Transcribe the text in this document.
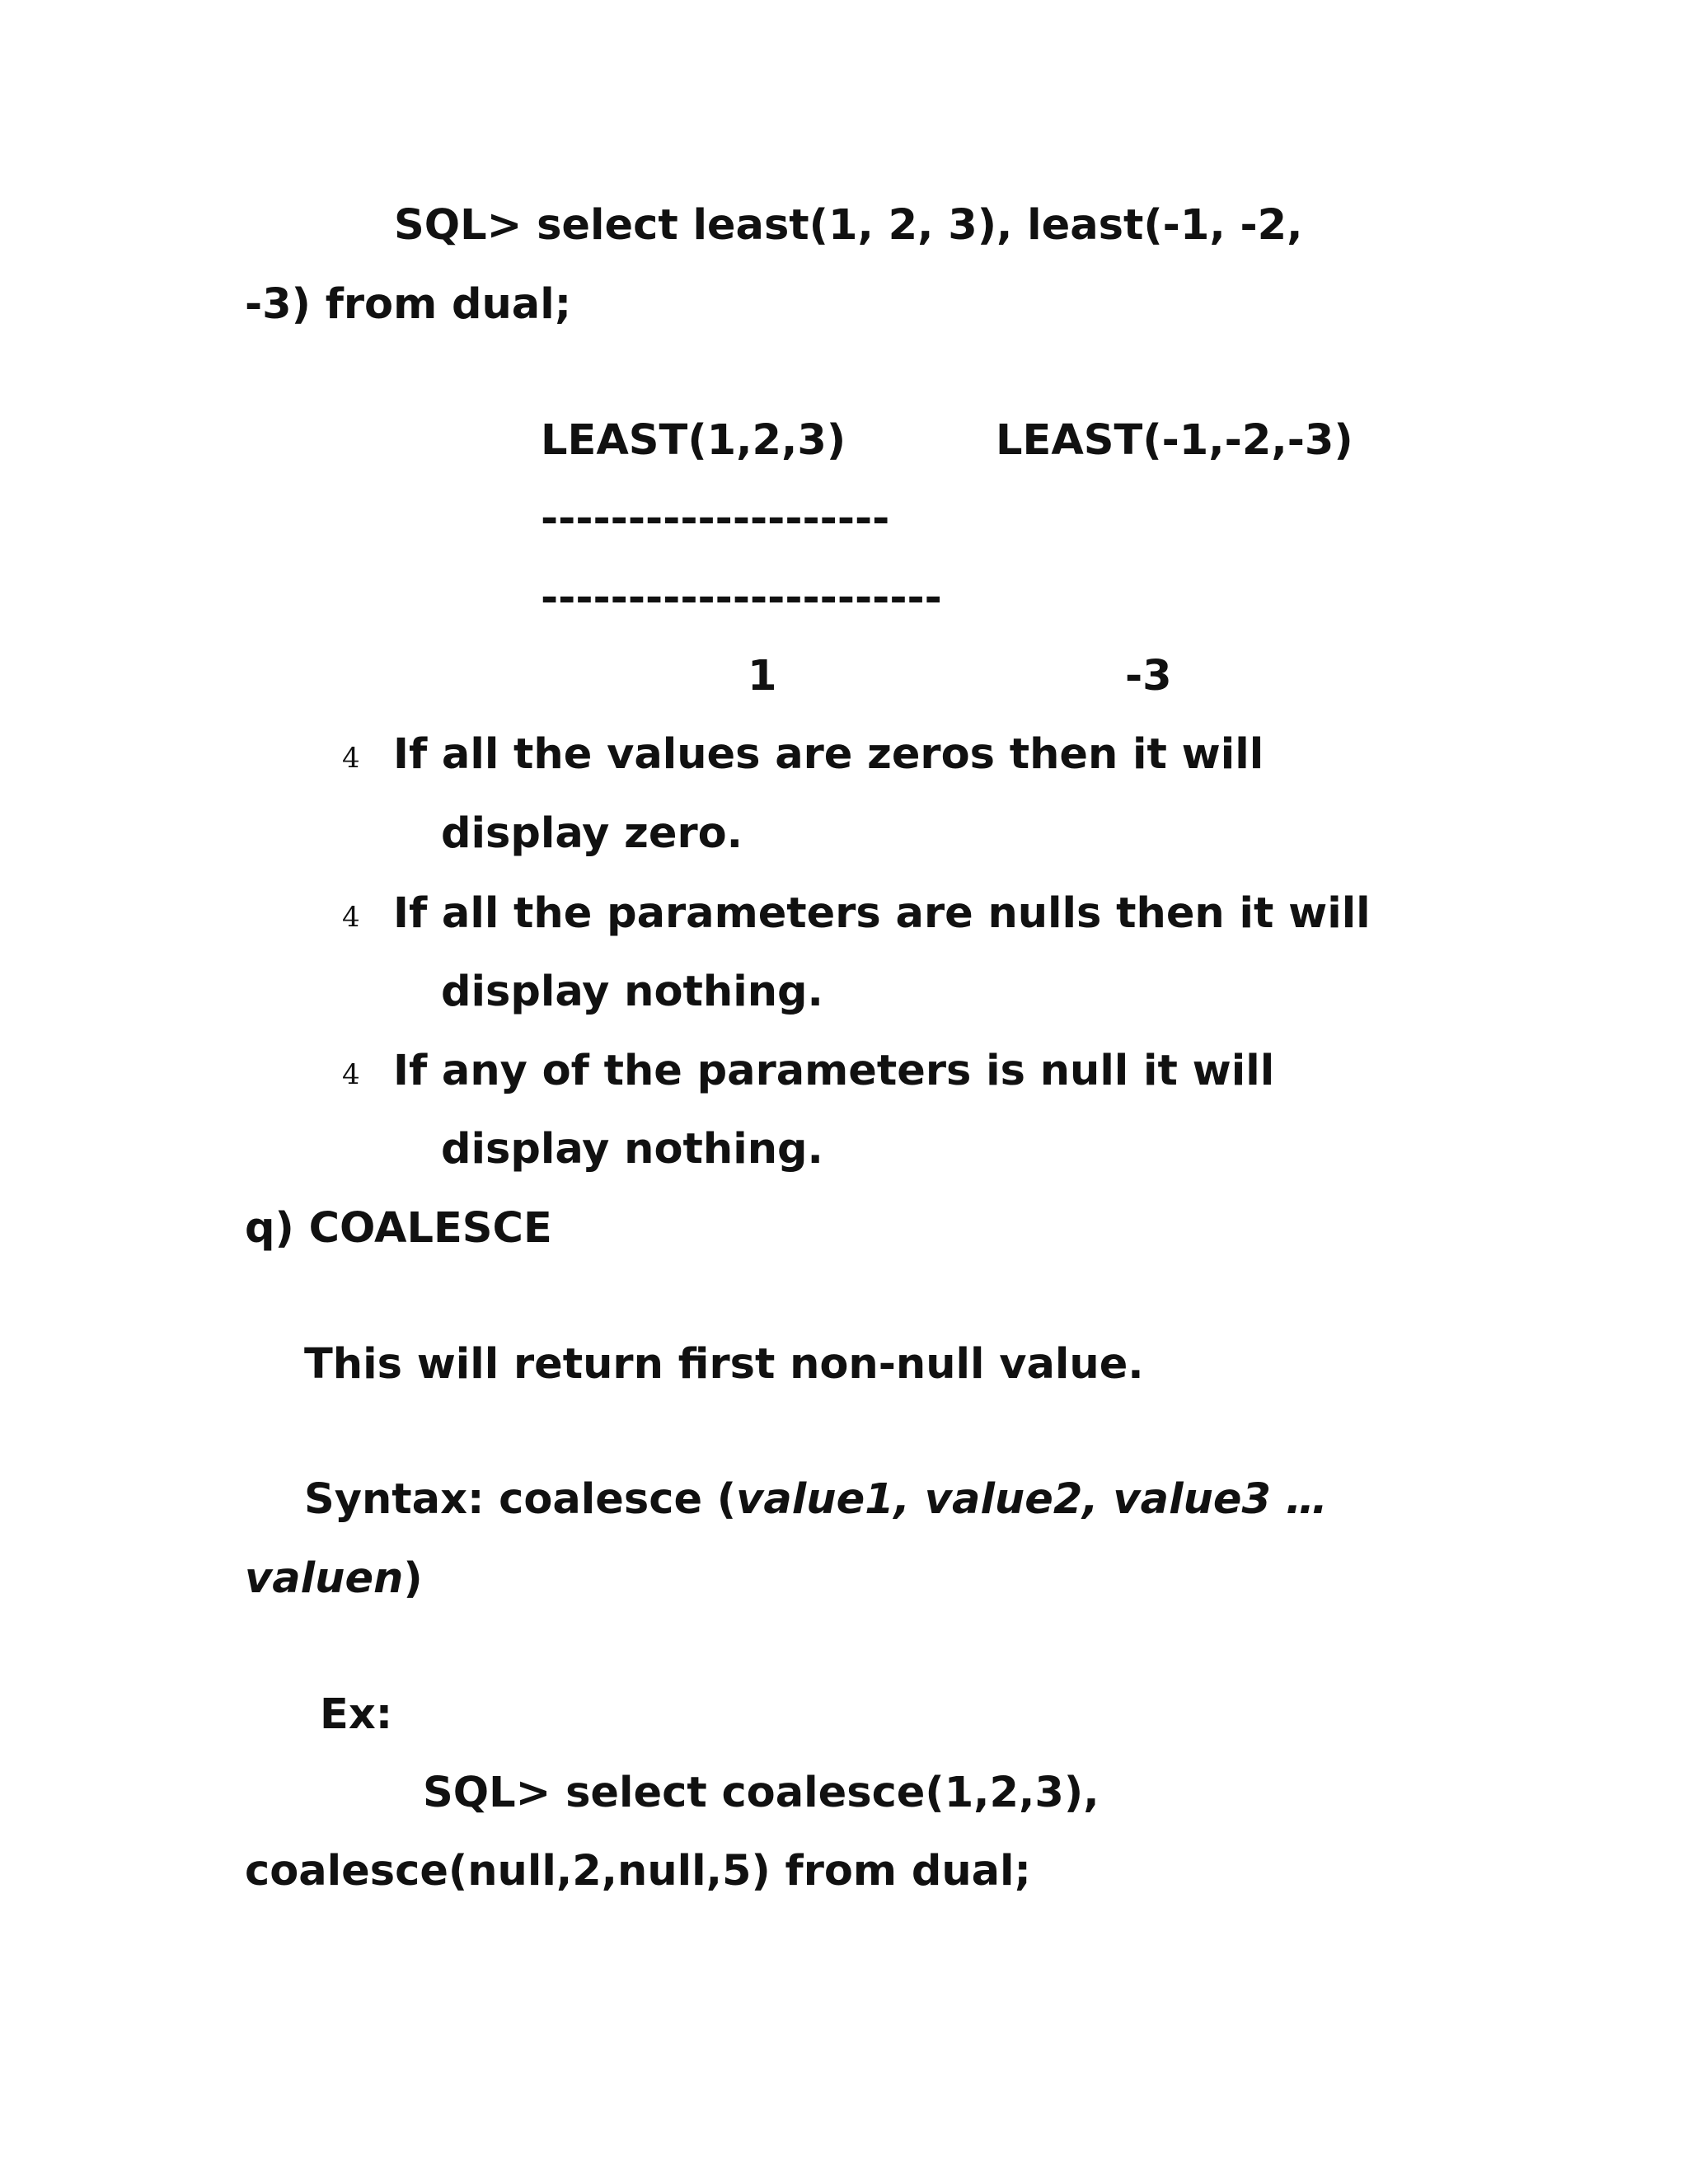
SQL> select least(1, 2, 3), least(-1, -2,
-3) from dual;
LEAST(1,2,3)	LEAST(-1,-2,-3)
--------------------
-----------------------
1	-3
4 If all the values are zeros then it will
display zero.
4 If all the parameters are nulls then it will
display nothing.
4 If any of the parameters is null it will
display nothing.
q) COALESCE
This will return first non-null value.
Syntax: coalesce (value1, value2, value3 …
valuen)
Ex:
SQL> select coalesce(1,2,3),
coalesce(null,2,null,5) from dual;
